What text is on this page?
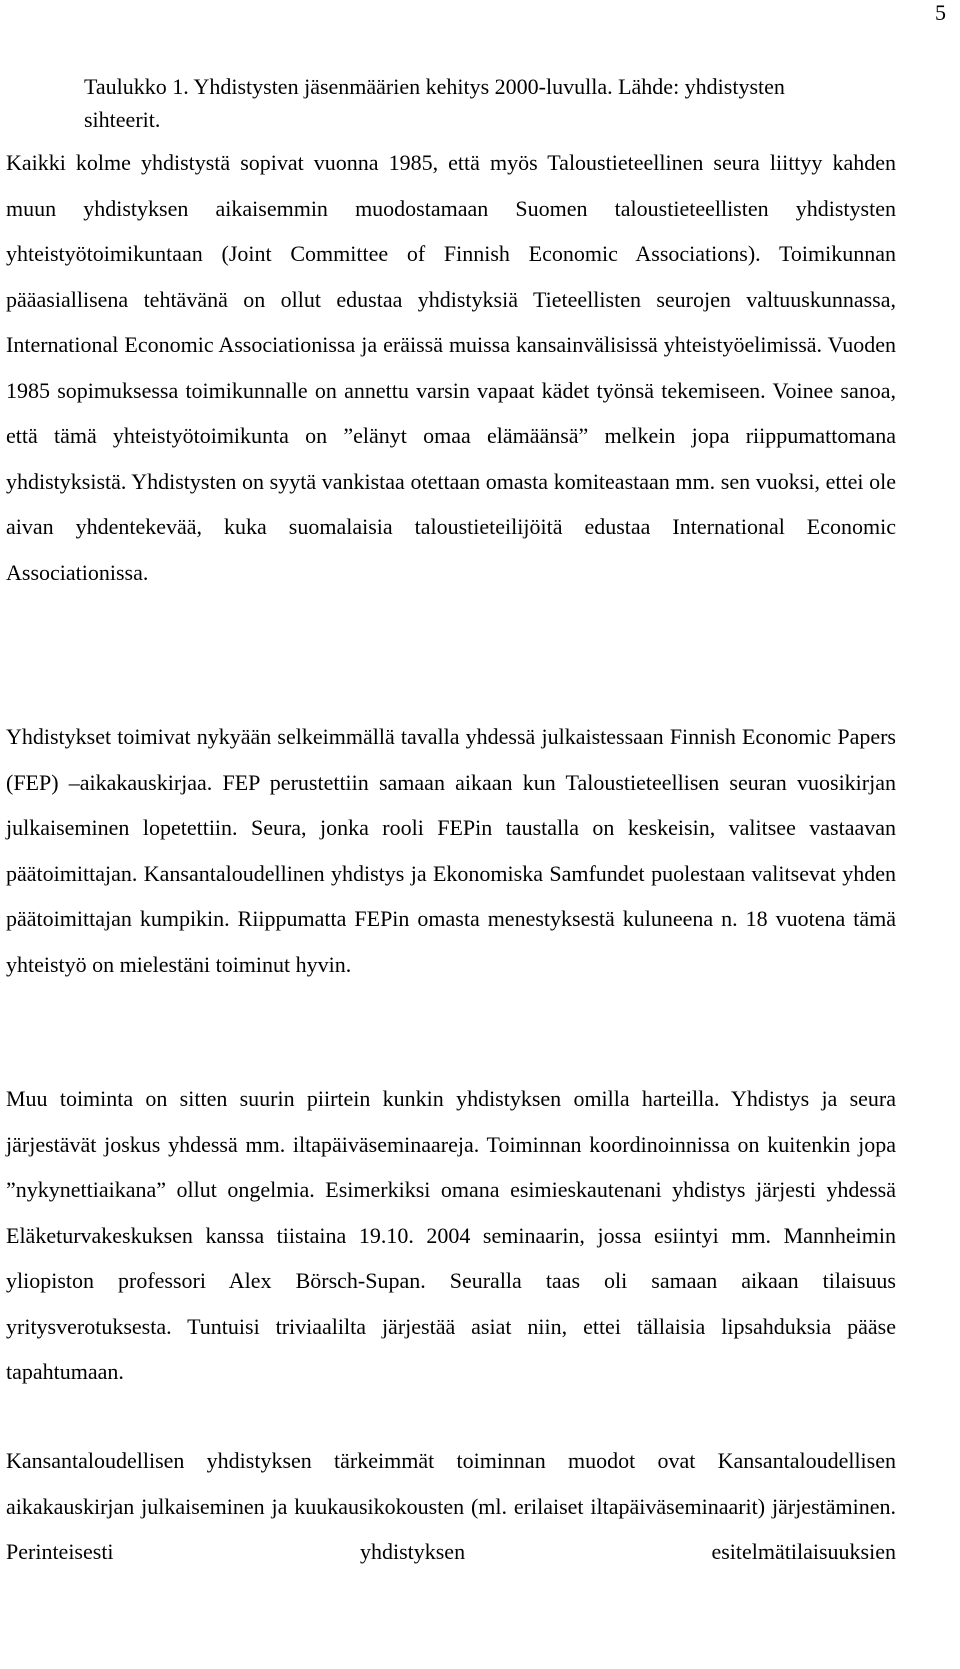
5
Taulukko 1. Yhdistysten jäsenmäärien kehitys 2000-luvulla. Lähde: yhdistysten sihteerit.

Kaikki kolme yhdistystä sopivat vuonna 1985, että myös Taloustieteellinen seura liittyy kahden muun yhdistyksen aikaisemmin muodostamaan Suomen taloustieteellisten yhdistysten yhteistyötoimikuntaan (Joint Committee of Finnish Economic Associations). Toimikunnan pääasiallisena tehtävänä on ollut edustaa yhdistyksiä Tieteellisten seurojen valtuuskunnassa, International Economic Associationissa ja eräissä muissa kansainvälisissä yhteistyöelimissä. Vuoden 1985 sopimuksessa toimikunnalle on annettu varsin vapaat kädet työnsä tekemiseen. Voinee sanoa, että tämä yhteistyötoimikunta on ”elänyt omaa elämäänsä” melkein jopa riippumattomana yhdistyksistä. Yhdistysten on syytä vankistaa otettaan omasta komiteastaan mm. sen vuoksi, ettei ole aivan yhdentekevää, kuka suomalaisia taloustieteilijöitä edustaa International Economic Associationissa.

Yhdistykset toimivat nykyään selkeimmällä tavalla yhdessä julkaistessaan Finnish Economic Papers (FEP) –aikakauskirjaa. FEP perustettiin samaan aikaan kun Taloustieteellisen seuran vuosikirjan julkaiseminen lopetettiin. Seura, jonka rooli FEPin taustalla on keskeisin, valitsee vastaavan päätoimittajan. Kansantaloudellinen yhdistys ja Ekonomiska Samfundet puolestaan valitsevat yhden päätoimittajan kumpikin. Riippumatta FEPin omasta menestyksestä kuluneena n. 18 vuotena tämä yhteistyö on mielestäni toiminut hyvin.

Muu toiminta on sitten suurin piirtein kunkin yhdistyksen omilla harteilla. Yhdistys ja seura järjestävät joskus yhdessä mm. iltapäiväseminaareja. Toiminnan koordinoinnissa on kuitenkin jopa ”nykynettiaikana” ollut ongelmia. Esimerkiksi omana esimieskautenani yhdistys järjesti yhdessä Eläketurvakeskuksen kanssa tiistaina 19.10. 2004 seminaarin, jossa esiintyi mm. Mannheimin yliopiston professori Alex Börsch-Supan. Seuralla taas oli samaan aikaan tilaisuus yritysverotuksesta. Tuntuisi triviaalilta järjestää asiat niin, ettei tällaisia lipsahduksia pääse tapahtumaan.

Kansantaloudellisen yhdistyksen tärkeimmät toiminnan muodot ovat Kansantaloudellisen aikakauskirjan julkaiseminen ja kuukausikokousten (ml. erilaiset iltapäiväseminaarit) järjestäminen. Perinteisesti yhdistyksen esitelmätilaisuuksien
